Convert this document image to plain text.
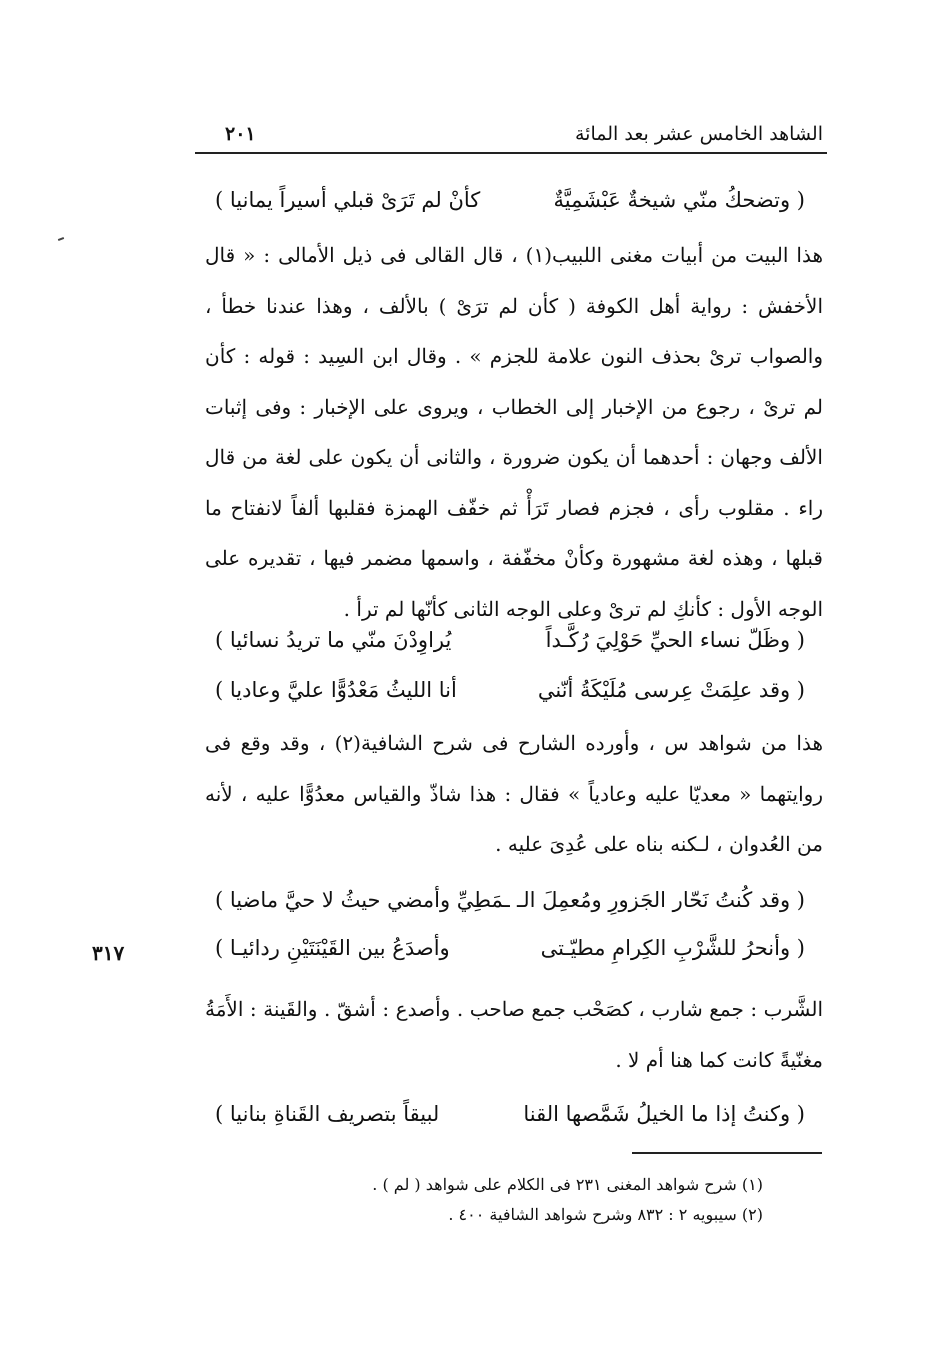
الشاهد الخامس عشر بعد المائة
٢٠١
( وتضحكُ منّي شيخةٌ عَبْشَمِيَّةٌ
كأنْ لم تَرَىْ قبلي أسيراً يمانيا )
هذا البيت من أبيات مغنى اللبيب(١) ، قال القالى فى ذيل الأمالى : « قال الأخفش : رواية أهل الكوفة ( كأن لم ترَىْ ) بالألف ، وهذا عندنا خطأ ، والصواب ترىْ بحذف النون علامة للجزم » . وقال ابن السِيد : قوله : كأن لم ترىْ ، رجوع من الإخبار إلى الخطاب ، ويروى على الإخبار : وفى إثبات الألف وجهان : أحدهما أن يكون ضرورة ، والثانى أن يكون على لغة من قال راء . مقلوب رأى ، فجزم فصار تَرَأْ ثم خفّف الهمزة فقلبها ألفاً لانفتاح ما قبلها ، وهذه لغة مشهورة وكأنْ مخفّفة ، واسمها مضمر فيها ، تقديره على الوجه الأول : كأنكِ لم ترىْ وعلى الوجه الثانى كأنّها لم ترأ .
( وظَلّ نساء الحيِّ حَوْلِيَ رُكَّـداً
يُراوِدْنَ منّي ما تريدُ نسائيا )
( وقد علِمَتْ عِرسى مُلَيْكَةُ أنّني
أنا الليثُ مَعْدُوًّا عليَّ وعاديا )
هذا من شواهد س ، وأورده الشارح فى شرح الشافية(٢) ، وقد وقع فى روايتهما « معديّا عليه وعادياً » فقال : هذا شاذّ والقياس معدُوًّا عليه ، لأنه من العُدوان ، لـكنه بناه على عُدِىَ عليه .
( وقد كُنتُ نَحّار الجَزورِ ومُعمِلَ الـ
ـمَطِيِّ وأمضي حيثُ لا حيَّ ماضيا )
( وأنحرُ للشَّرْبِ الكِرامِ مطيّـتى
وأصدَعُ بين القَيْنَتَيْنِ ردائيـا )
٣١٧
الشَّرب : جمع شارب ، كصَحْب جمع صاحب . وأصدع : أشقّ . والقَينة : الأَمَةُ مغنّيةً كانت كما هنا أم لا .
( وكنتُ إذا ما الخيلُ شَمَّصها القنا
لبيقاً بتصريف القَناةِ بنانيا )

(١) شرح شواهد المغنى ٢٣١ فى الكلام على شواهد ( لم ) .

(٢) سيبويه ٢ : ٨٣٢ وشرح شواهد الشافية ٤٠٠ .
